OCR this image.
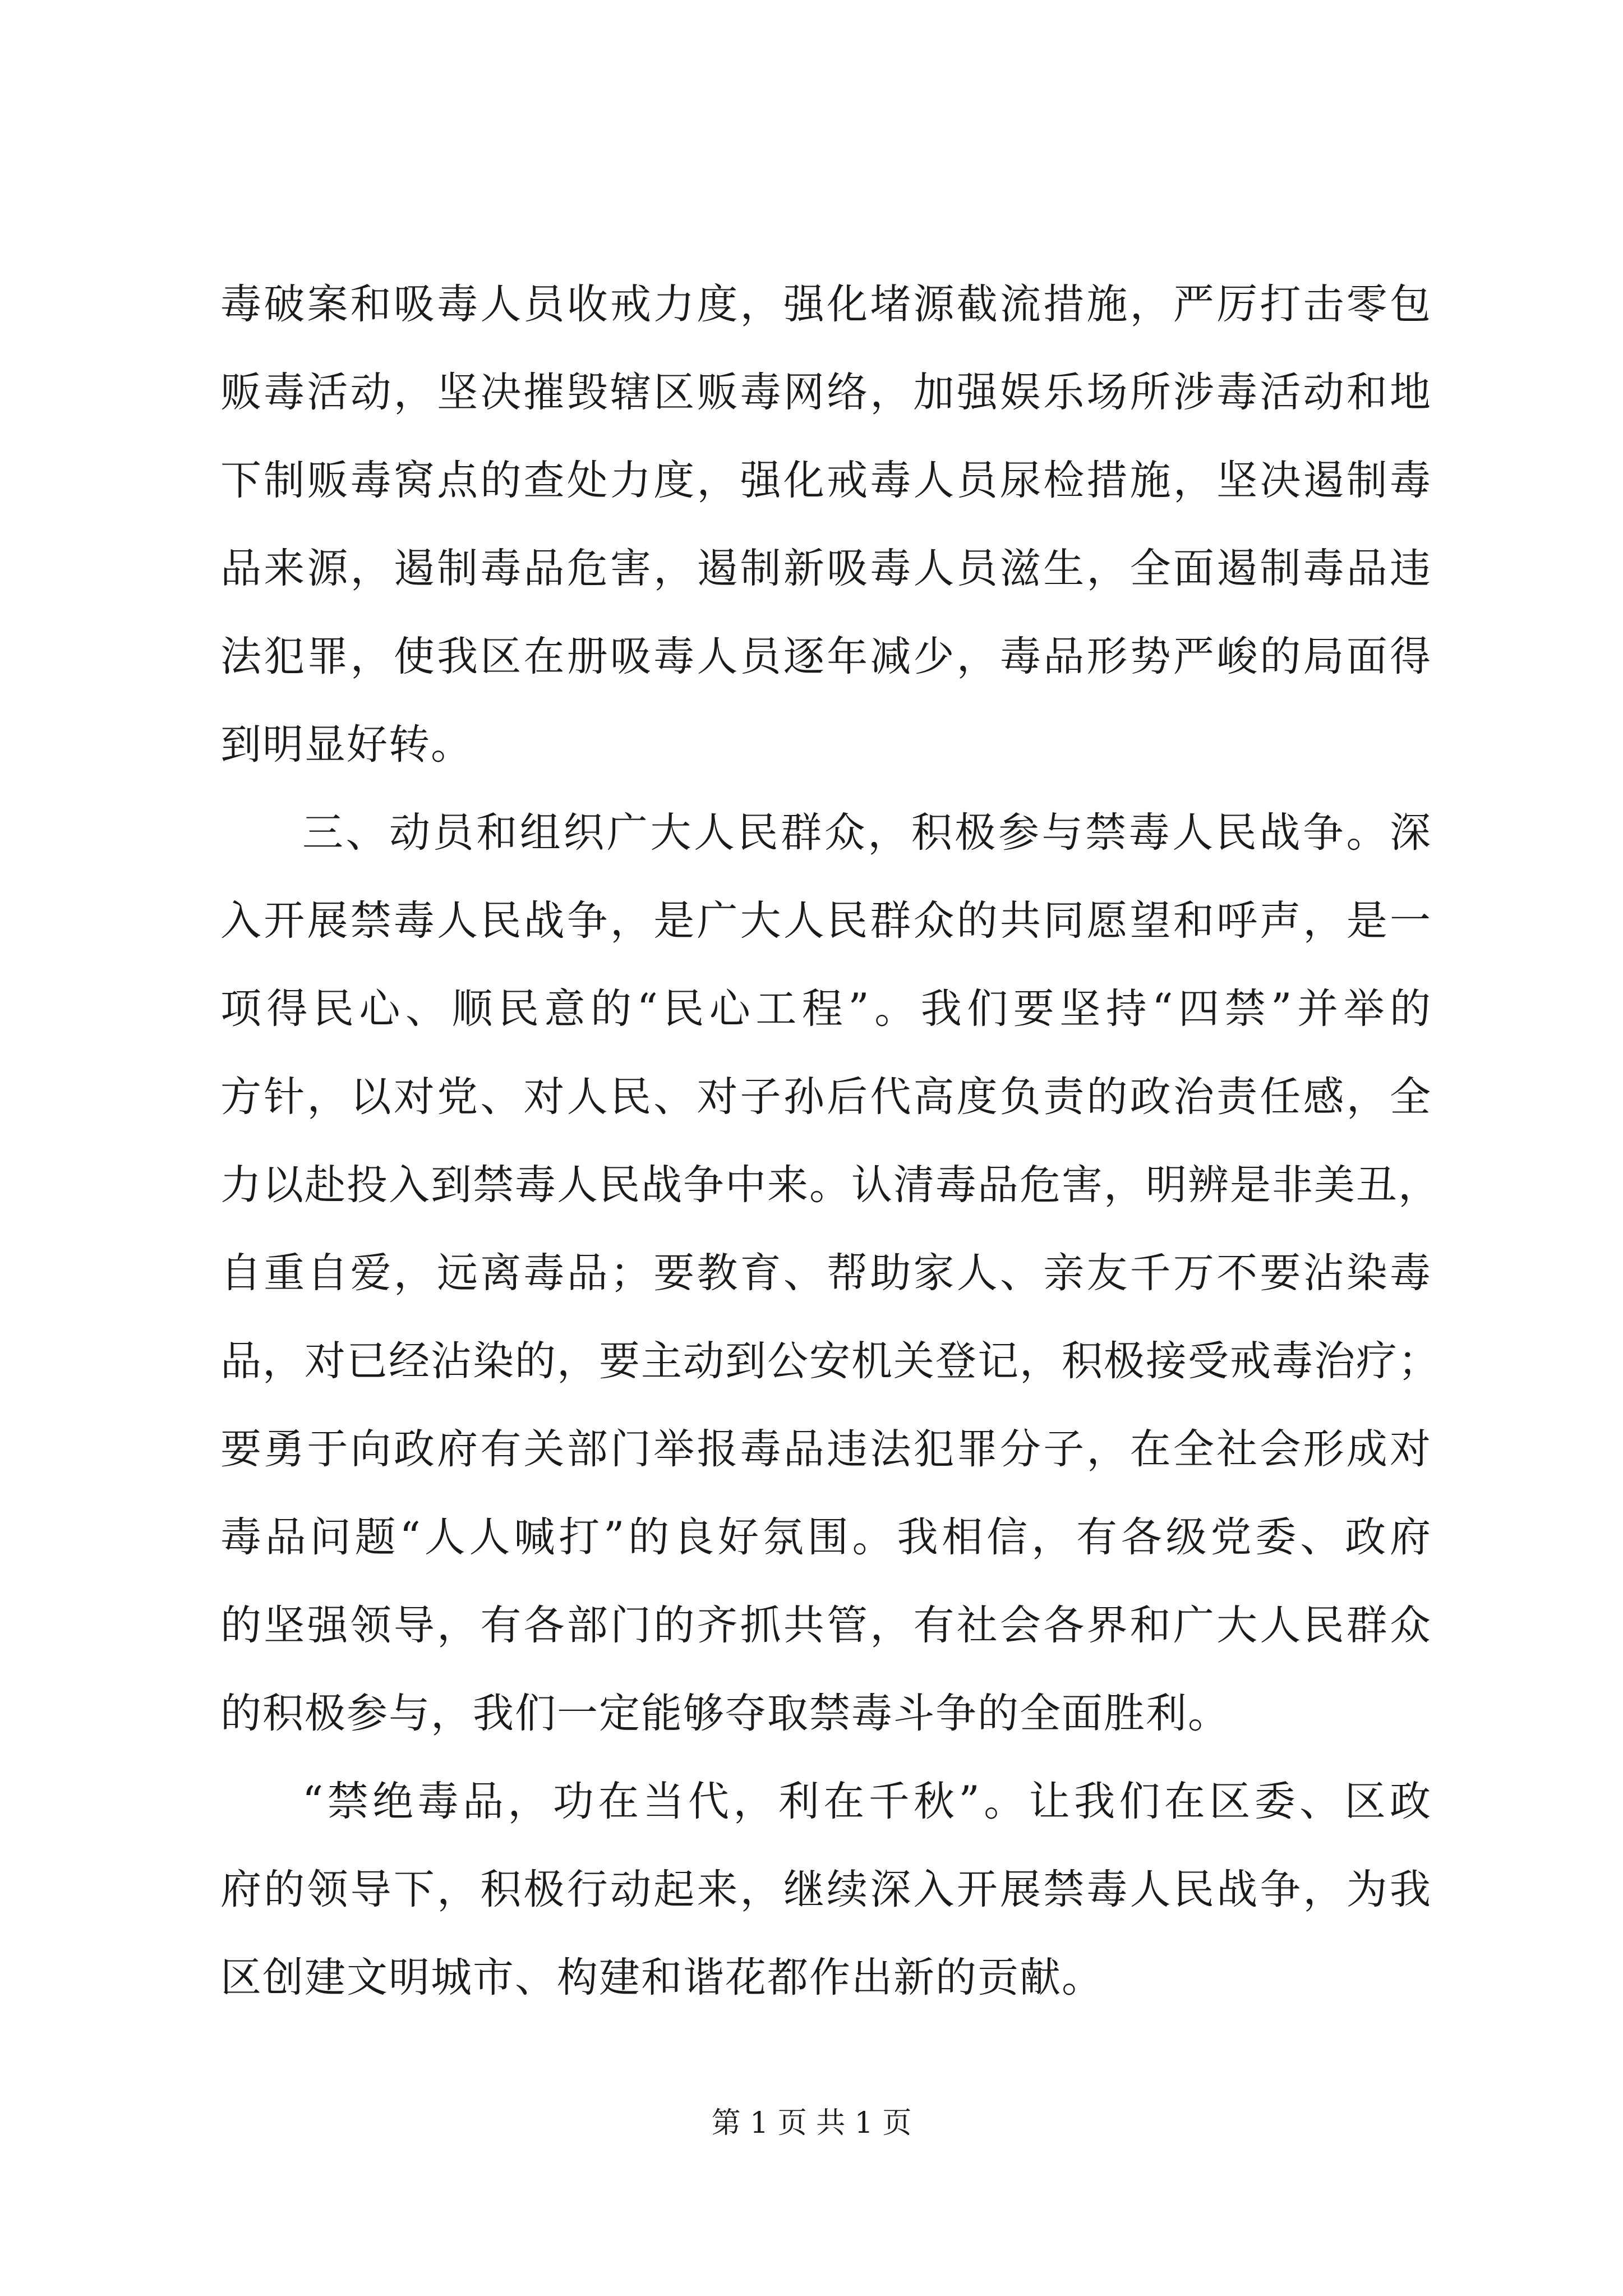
毒破案和吸毒人员收戒力度，强化堵源截流措施，严厉打击零包
贩毒活动，坚决摧毁辖区贩毒网络，加强娱乐场所涉毒活动和地
下制贩毒窝点的查处力度，强化戒毒人员尿检措施，坚决遏制毒
品来源，遏制毒品危害，遏制新吸毒人员滋生，全面遏制毒品违
法犯罪，使我区在册吸毒人员逐年减少，毒品形势严峻的局面得
到明显好转。
三、动员和组织广大人民群众，积极参与禁毒人民战争。深
入开展禁毒人民战争，是广大人民群众的共同愿望和呼声，是一
项得民心、顺民意的“民心工程”。我们要坚持“四禁”并举的
方针，以对党、对人民、对子孙后代高度负责的政治责任感，全
力以赴投入到禁毒人民战争中来。认清毒品危害，明辨是非美丑，
自重自爱，远离毒品；要教育、帮助家人、亲友千万不要沾染毒
品，对已经沾染的，要主动到公安机关登记，积极接受戒毒治疗；
要勇于向政府有关部门举报毒品违法犯罪分子，在全社会形成对
毒品问题“人人喊打”的良好氛围。我相信，有各级党委、政府
的坚强领导，有各部门的齐抓共管，有社会各界和广大人民群众
的积极参与，我们一定能够夺取禁毒斗争的全面胜利。
“禁绝毒品，功在当代，利在千秋”。让我们在区委、区政
府的领导下，积极行动起来，继续深入开展禁毒人民战争，为我
区创建文明城市、构建和谐花都作出新的贡献。
第 1 页 共 1 页
